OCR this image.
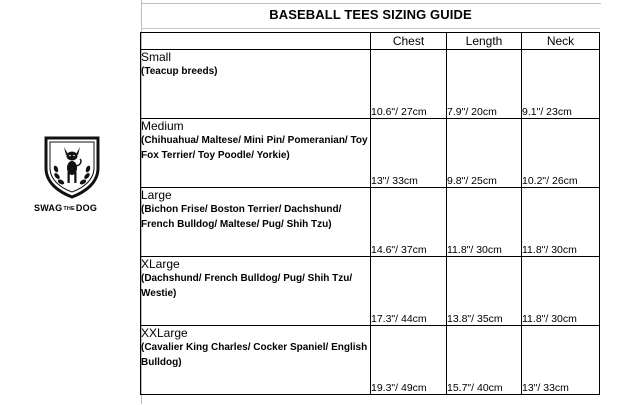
SWAGTHEDOG
BASEBALL TEES SIZING GUIDE
	Chest	Length	Neck

Small
(Teacup breeds)	10.6"/ 27cm	7.9"/ 20cm	9.1"/ 23cm

Medium
(Chihuahua/ Maltese/ Mini Pin/ Pomeranian/ Toy Fox Terrier/ Toy Poodle/ Yorkie)	13"/ 33cm	9.8"/ 25cm	10.2"/ 26cm

Large
(Bichon Frise/ Boston Terrier/ Dachshund/ French Bulldog/ Maltese/ Pug/ Shih Tzu)	14.6"/ 37cm	11.8"/ 30cm	11.8"/ 30cm

XLarge
(Dachshund/ French Bulldog/ Pug/ Shih Tzu/ Westie)	17.3"/ 44cm	13.8"/ 35cm	11.8"/ 30cm

XXLarge
(Cavalier King Charles/ Cocker Spaniel/ English Bulldog)	19.3"/ 49cm	15.7"/ 40cm	13"/ 33cm
